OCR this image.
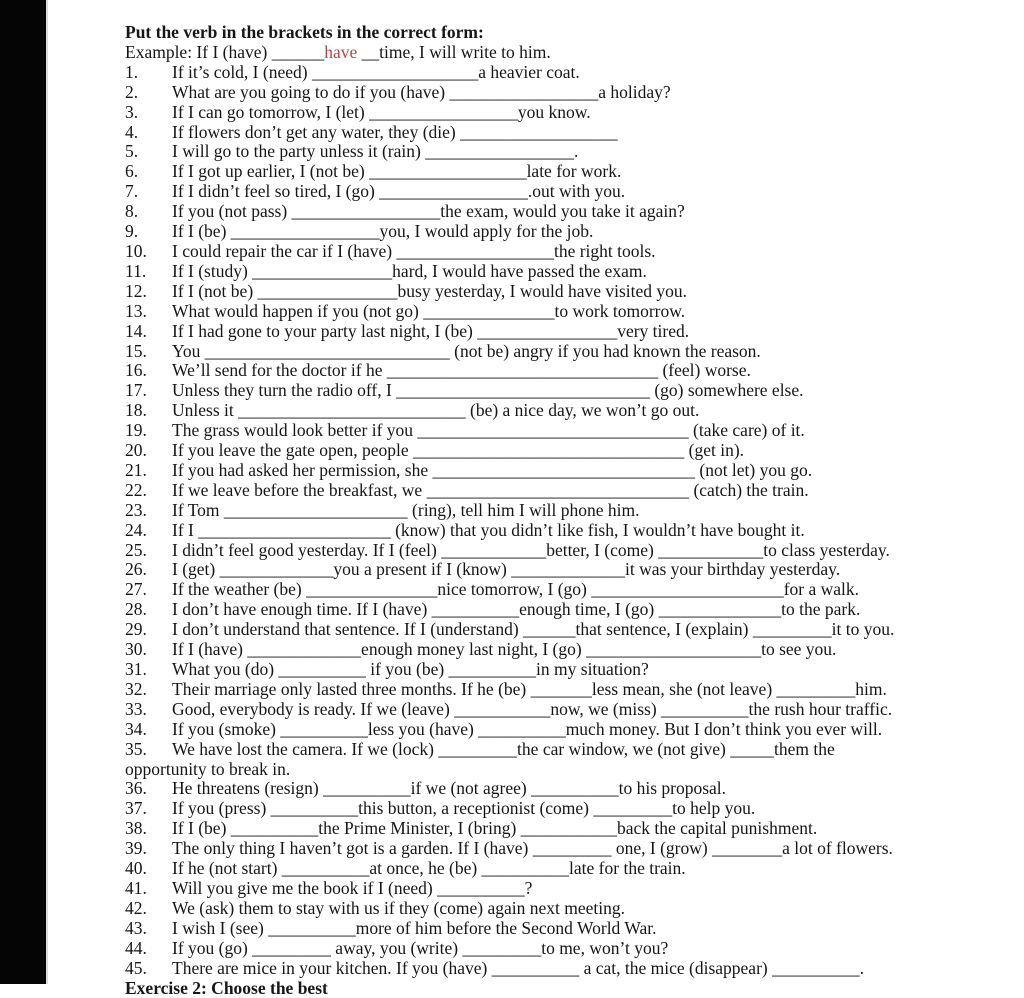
Put the verb in the brackets in the correct form:
Example: If I (have) ______have __time, I will write to him.
1. If it’s cold, I (need) ___________________a heavier coat.
2. What are you going to do if you (have) _________________a holiday?
3. If I can go tomorrow, I (let) _________________you know.
4. If flowers don’t get any water, they (die) __________________
5. I will go to the party unless it (rain) _________________.
6. If I got up earlier, I (not be) __________________late for work.
7. If I didn’t feel so tired, I (go) _________________.out with you.
8. If you (not pass) _________________the exam, would you take it again?
9. If I (be) _________________you, I would apply for the job.
10. I could repair the car if I (have) __________________the right tools.
11. If I (study) ________________hard, I would have passed the exam.
12. If I (not be) ________________busy yesterday, I would have visited you.
13. What would happen if you (not go) _______________to work tomorrow.
14. If I had gone to your party last night, I (be) ________________very tired.
15. You ____________________________ (not be) angry if you had known the reason.
16. We’ll send for the doctor if he _______________________________ (feel) worse.
17. Unless they turn the radio off, I _____________________________ (go) somewhere else.
18. Unless it __________________________ (be) a nice day, we won’t go out.
19. The grass would look better if you _______________________________ (take care) of it.
20. If you leave the gate open, people _______________________________ (get in).
21. If you had asked her permission, she ______________________________ (not let) you go.
22. If we leave before the breakfast, we ______________________________ (catch) the train.
23. If Tom _____________________ (ring), tell him I will phone him.
24. If I ______________________ (know) that you didn’t like fish, I wouldn’t have bought it.
25. I didn’t feel good yesterday. If I (feel) ____________better, I (come) ____________to class yesterday.
26. I (get) _____________you a present if I (know) _____________it was your birthday yesterday.
27. If the weather (be) _______________nice tomorrow, I (go) ______________________for a walk.
28. I don’t have enough time. If I (have) __________enough time, I (go) ______________to the park.
29. I don’t understand that sentence. If I (understand) ______that sentence, I (explain) _________it to you.
30. If I (have) _____________enough money last night, I (go) ____________________to see you.
31. What you (do) __________ if you (be) __________in my situation?
32. Their marriage only lasted three months. If he (be) _______less mean, she (not leave) _________him.
33. Good, everybody is ready. If we (leave) ___________now, we (miss) __________the rush hour traffic.
34. If you (smoke) __________less you (have) __________much money. But I don’t think you ever will.
35. We have lost the camera. If we (lock) _________the car window, we (not give) _____them the
opportunity to break in.
36. He threatens (resign) __________if we (not agree) __________to his proposal.
37. If you (press) __________this button, a receptionist (come) _________to help you.
38. If I (be) __________the Prime Minister, I (bring) ___________back the capital punishment.
39. The only thing I haven’t got is a garden. If I (have) _________ one, I (grow) ________a lot of flowers.
40. If he (not start) __________at once, he (be) __________late for the train.
41. Will you give me the book if I (need) __________?
42. We (ask) them to stay with us if they (come) again next meeting.
43. I wish I (see) __________more of him before the Second World War.
44. If you (go) _________ away, you (write) _________to me, won’t you?
45. There are mice in your kitchen. If you (have) __________ a cat, the mice (disappear) __________.
Exercise 2: Choose the best
